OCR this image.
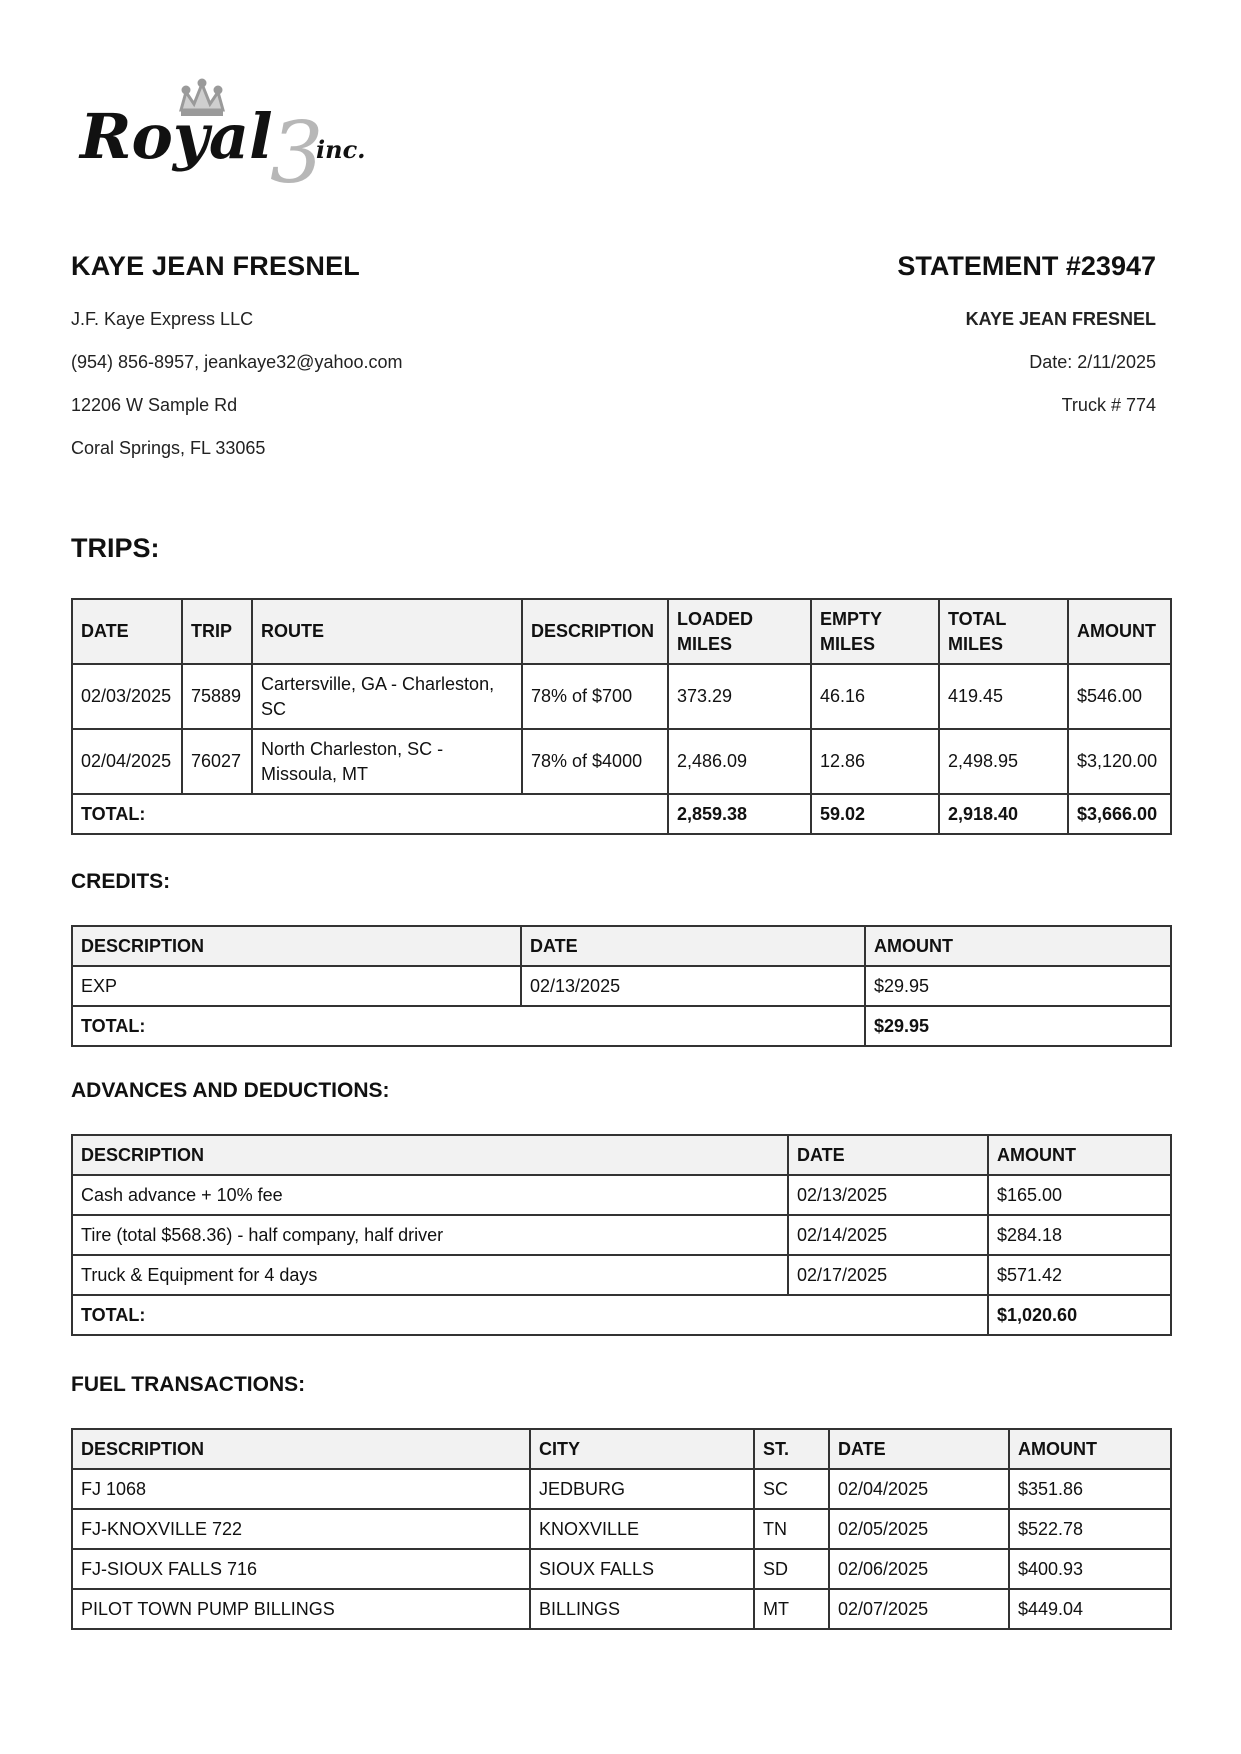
Royal
3
inc.
KAYE JEAN FRESNEL
J.F. Kaye Express LLC
(954) 856-8957, jeankaye32@yahoo.com
12206 W Sample Rd
Coral Springs, FL 33065
STATEMENT #23947
KAYE JEAN FRESNEL
Date: 2/11/2025
Truck # 774
TRIPS:
DATE	TRIP	ROUTE	DESCRIPTION	LOADED MILES	EMPTY MILES	TOTAL MILES	AMOUNT
02/03/2025	75889	Cartersville, GA - Charleston, SC	78% of $700	373.29	46.16	419.45	$546.00
02/04/2025	76027	North Charleston, SC - Missoula, MT	78% of $4000	2,486.09	12.86	2,498.95	$3,120.00
TOTAL:				2,859.38	59.02	2,918.40	$3,666.00
CREDITS:
DESCRIPTION	DATE	AMOUNT
EXP	02/13/2025	$29.95
TOTAL:		$29.95
ADVANCES AND DEDUCTIONS:
DESCRIPTION	DATE	AMOUNT
Cash advance + 10% fee	02/13/2025	$165.00
Tire (total $568.36) - half company, half driver	02/14/2025	$284.18
Truck & Equipment for 4 days	02/17/2025	$571.42
TOTAL:		$1,020.60
FUEL TRANSACTIONS:
DESCRIPTION	CITY	ST.	DATE	AMOUNT
FJ 1068	JEDBURG	SC	02/04/2025	$351.86
FJ-KNOXVILLE 722	KNOXVILLE	TN	02/05/2025	$522.78
FJ-SIOUX FALLS 716	SIOUX FALLS	SD	02/06/2025	$400.93
PILOT TOWN PUMP BILLINGS	BILLINGS	MT	02/07/2025	$449.04
